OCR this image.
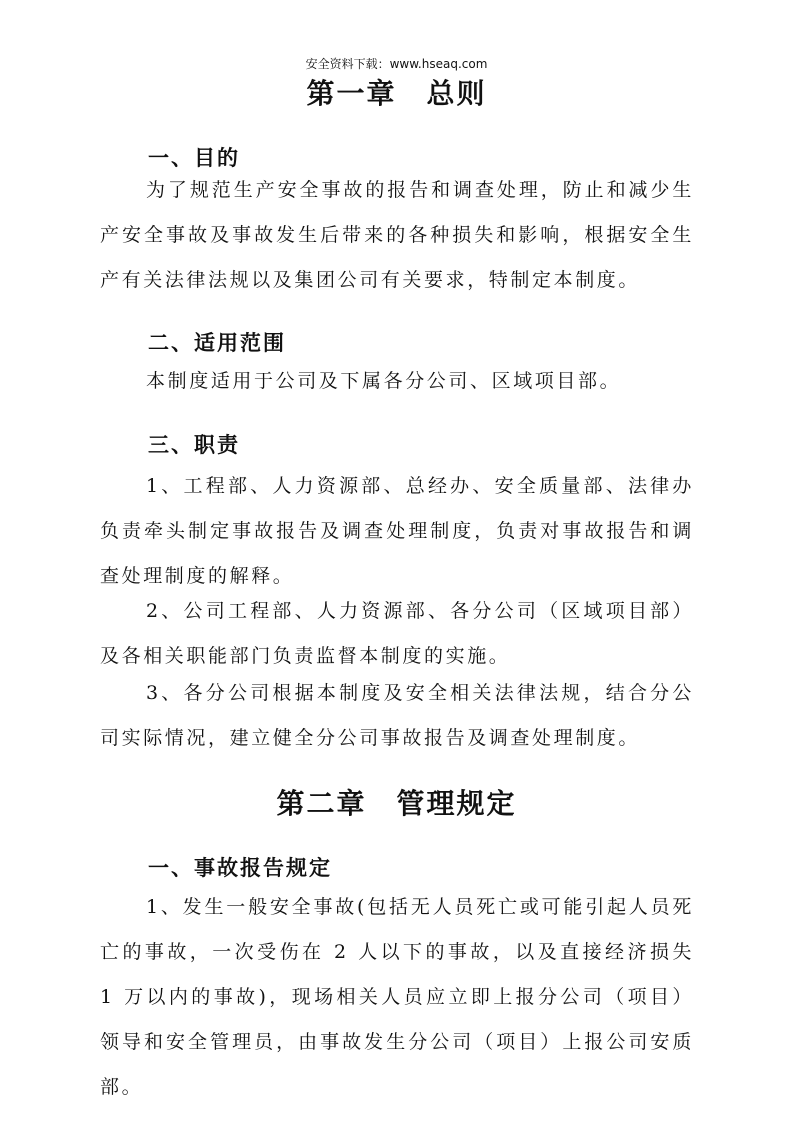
安全资料下载：www.hseaq.com
第一章　总则
一、目的

为了规范生产安全事故的报告和调查处理，防止和减少生产安全事故及事故发生后带来的各种损失和影响，根据安全生产有关法律法规以及集团公司有关要求，特制定本制度。

二、适用范围

本制度适用于公司及下属各分公司、区域项目部。

三、职责

1、工程部、人力资源部、总经办、安全质量部、法律办负责牵头制定事故报告及调查处理制度，负责对事故报告和调查处理制度的解释。

2、公司工程部、人力资源部、各分公司（区域项目部）及各相关职能部门负责监督本制度的实施。

3、各分公司根据本制度及安全相关法律法规，结合分公司实际情况，建立健全分公司事故报告及调查处理制度。

第二章　管理规定
一、事故报告规定

1、发生一般安全事故(包括无人员死亡或可能引起人员死亡的事故，一次受伤在 2 人以下的事故，以及直接经济损失 1 万以内的事故)，现场相关人员应立即上报分公司（项目）领导和安全管理员，由事故发生分公司（项目）上报公司安质部。
